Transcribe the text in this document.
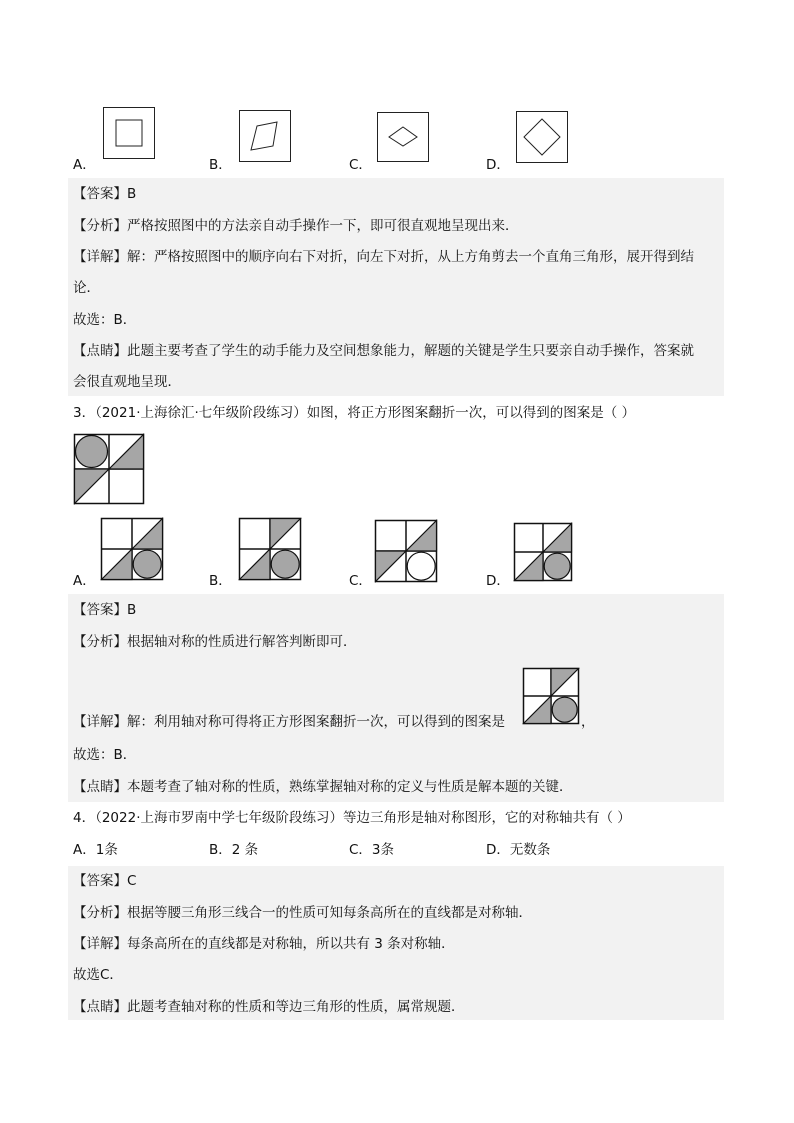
A．	B．	C．	D．
【答案】B
【分析】严格按照图中的方法亲自动手操作一下，即可很直观地呈现出来．
【详解】解：严格按照图中的顺序向右下对折，向左下对折，从上方角剪去一个直角三角形，展开得到结
论．
故选：B．
【点睛】此题主要考查了学生的动手能力及空间想象能力，解题的关键是学生只要亲自动手操作，答案就
会很直观地呈现．
3．（2021·上海徐汇·七年级阶段练习）如图，将正方形图案翻折一次，可以得到的图案是（ ）
A．	B．	C．	D．
【答案】B
【分析】根据轴对称的性质进行解答判断即可．
【详解】解：利用轴对称可得将正方形图案翻折一次，可以得到的图案是	，
故选：B．
【点睛】本题考查了轴对称的性质，熟练掌握轴对称的定义与性质是解本题的关键．
4．（2022·上海市罗南中学七年级阶段练习）等边三角形是轴对称图形，它的对称轴共有（ ）
A．1条	B．2 条	C．3条	D．无数条
【答案】C
【分析】根据等腰三角形三线合一的性质可知每条高所在的直线都是对称轴．
【详解】每条高所在的直线都是对称轴，所以共有 3 条对称轴．
故选C．
【点睛】此题考查轴对称的性质和等边三角形的性质，属常规题．
